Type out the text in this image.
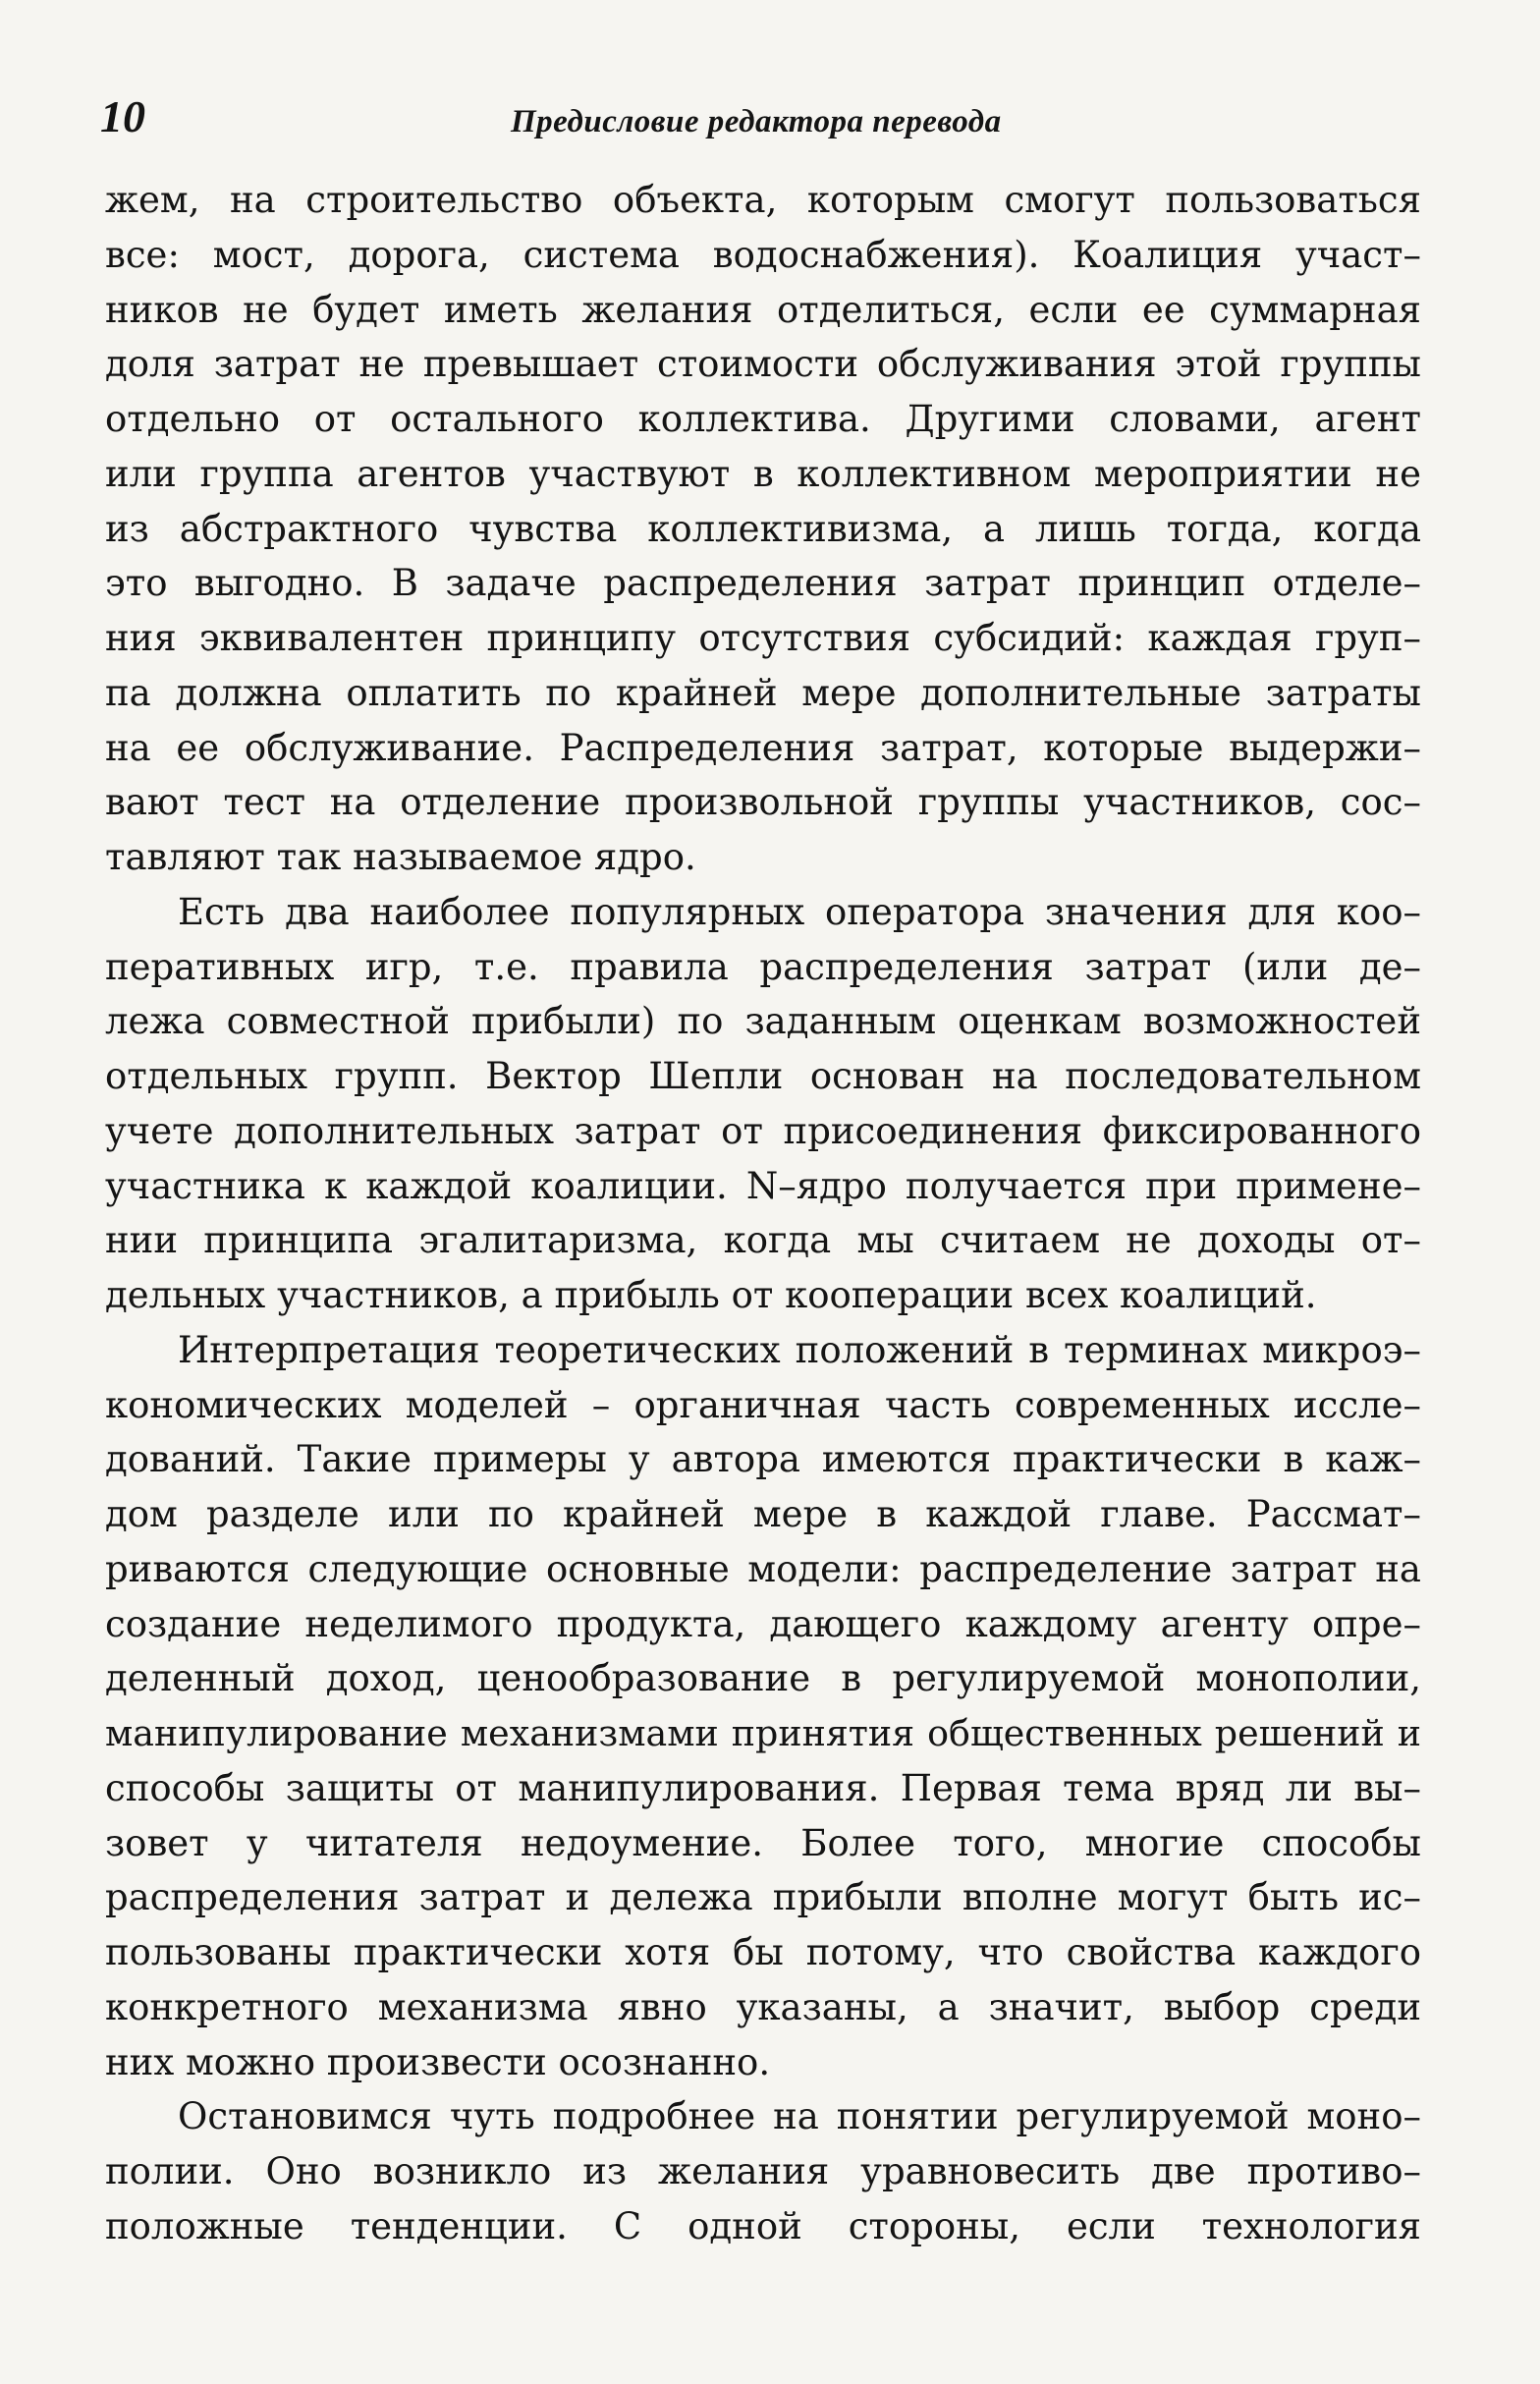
10	Предисловие редактора перевода
жем, на строительство объекта, которым смогут пользоваться
все: мост, дорога, система водоснабжения). Коалиция участ–
ников не будет иметь желания отделиться, если ее суммарная
доля затрат не превышает стоимости обслуживания этой группы
отдельно от остального коллектива. Другими словами, агент
или группа агентов участвуют в коллективном мероприятии не
из абстрактного чувства коллективизма, а лишь тогда, когда
это выгодно. В задаче распределения затрат принцип отделе–
ния эквивалентен принципу отсутствия субсидий: каждая груп–
па должна оплатить по крайней мере дополнительные затраты
на ее обслуживание. Распределения затрат, которые выдержи–
вают тест на отделение произвольной группы участников, сос–
тавляют так называемое ядро.
Есть два наиболее популярных оператора значения для коо–
перативных игр, т.е. правила распределения затрат (или де–
лежа совместной прибыли) по заданным оценкам возможностей
отдельных групп. Вектор Шепли основан на последовательном
учете дополнительных затрат от присоединения фиксированного
участника к каждой коалиции. N–ядро получается при примене–
нии принципа эгалитаризма, когда мы считаем не доходы от–
дельных участников, а прибыль от кооперации всех коалиций.
Интерпретация теоретических положений в терминах микроэ–
кономических моделей – органичная часть современных иссле–
дований. Такие примеры у автора имеются практически в каж–
дом разделе или по крайней мере в каждой главе. Рассмат–
риваются следующие основные модели: распределение затрат на
создание неделимого продукта, дающего каждому агенту опре–
деленный доход, ценообразование в регулируемой монополии,
манипулирование механизмами принятия общественных решений и
способы защиты от манипулирования. Первая тема вряд ли вы–
зовет у читателя недоумение. Более того, многие способы
распределения затрат и дележа прибыли вполне могут быть ис–
пользованы практически хотя бы потому, что свойства каждого
конкретного механизма явно указаны, а значит, выбор среди
них можно произвести осознанно.
Остановимся чуть подробнее на понятии регулируемой моно–
полии. Оно возникло из желания уравновесить две противо–
положные тенденции. С одной стороны, если технология
